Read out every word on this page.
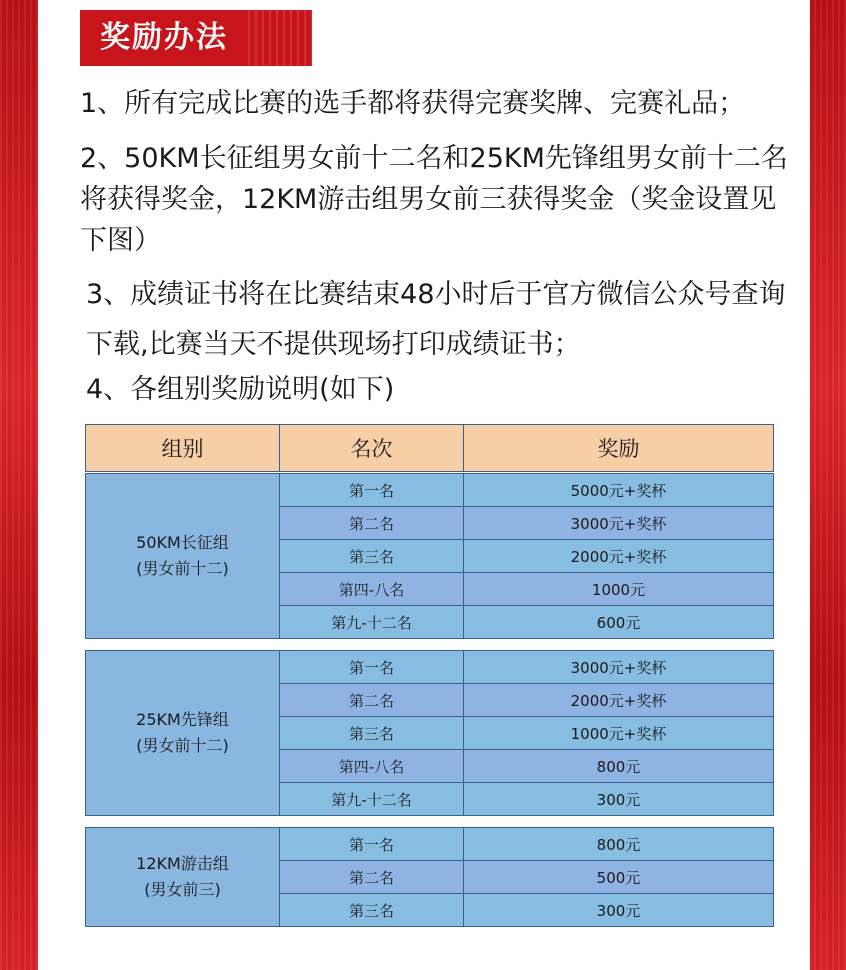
奖励办法

1、所有完成比赛的选手都将获得完赛奖牌、完赛礼品；

2、50KM长征组男女前十二名和25KM先锋组男女前十二名将获得奖金，12KM游击组男女前三获得奖金（奖金设置见下图）

3、成绩证书将在比赛结束48小时后于官方微信公众号查询下载,比赛当天不提供现场打印成绩证书；

4、各组别奖励说明(如下)

组别	名次	奖励
50KM长征组
(男女前十二)	第一名	5000元+奖杯
	第二名	3000元+奖杯
	第三名	2000元+奖杯
	第四-八名	1000元
	第九-十二名	600元
25KM先锋组
(男女前十二)	第一名	3000元+奖杯
	第二名	2000元+奖杯
	第三名	1000元+奖杯
	第四-八名	800元
	第九-十二名	300元
12KM游击组
(男女前三)	第一名	800元
	第二名	500元
	第三名	300元
